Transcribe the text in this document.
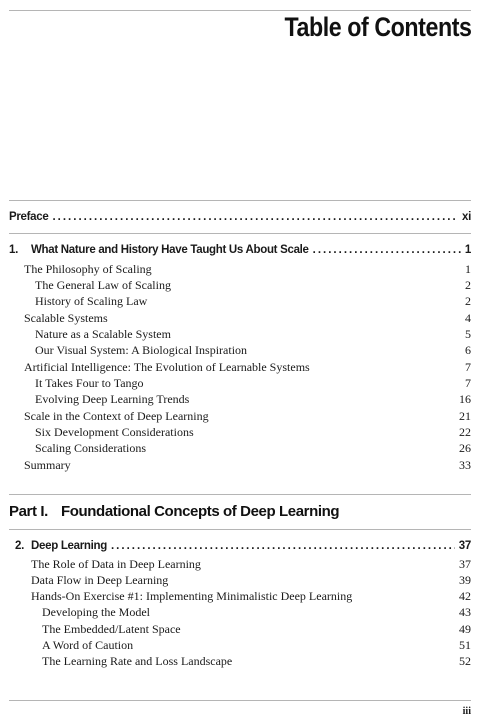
Table of Contents
Preface .....	xi
1. What Nature and History Have Taught Us About Scale .....	1
The Philosophy of Scaling	1
The General Law of Scaling	2
History of Scaling Law	2
Scalable Systems	4
Nature as a Scalable System	5
Our Visual System: A Biological Inspiration	6
Artificial Intelligence: The Evolution of Learnable Systems	7
It Takes Four to Tango	7
Evolving Deep Learning Trends	16
Scale in the Context of Deep Learning	21
Six Development Considerations	22
Scaling Considerations	26
Summary	33
Part I. Foundational Concepts of Deep Learning
2. Deep Learning .....	37
The Role of Data in Deep Learning	37
Data Flow in Deep Learning	39
Hands-On Exercise #1: Implementing Minimalistic Deep Learning	42
Developing the Model	43
The Embedded/Latent Space	49
A Word of Caution	51
The Learning Rate and Loss Landscape	52
iii
